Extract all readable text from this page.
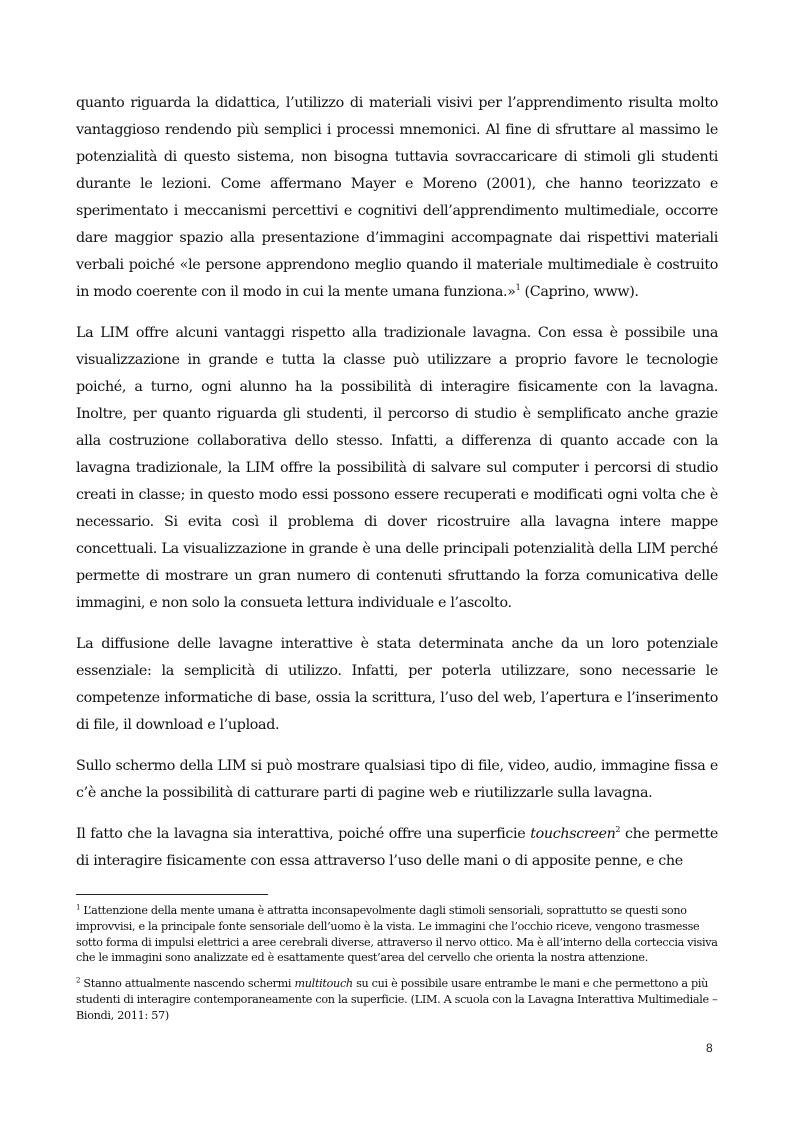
quanto riguarda la didattica, l’utilizzo di materiali visivi per l’apprendimento risulta molto vantaggioso rendendo più semplici i processi mnemonici. Al fine di sfruttare al massimo le potenzialità di questo sistema, non bisogna tuttavia sovraccaricare di stimoli gli studenti durante le lezioni. Come affermano Mayer e Moreno (2001), che hanno teorizzato e sperimentato i meccanismi percettivi e cognitivi dell’apprendimento multimediale, occorre dare maggior spazio alla presentazione d’immagini accompagnate dai rispettivi materiali verbali poiché «le persone apprendono meglio quando il materiale multimediale è costruito in modo coerente con il modo in cui la mente umana funziona.»$^1$ (Caprino, www).

La LIM offre alcuni vantaggi rispetto alla tradizionale lavagna. Con essa è possibile una visualizzazione in grande e tutta la classe può utilizzare a proprio favore le tecnologie poiché, a turno, ogni alunno ha la possibilità di interagire fisicamente con la lavagna. Inoltre, per quanto riguarda gli studenti, il percorso di studio è semplificato anche grazie alla costruzione collaborativa dello stesso. Infatti, a differenza di quanto accade con la lavagna tradizionale, la LIM offre la possibilità di salvare sul computer i percorsi di studio creati in classe; in questo modo essi possono essere recuperati e modificati ogni volta che è necessario. Si evita così il problema di dover ricostruire alla lavagna intere mappe concettuali. La visualizzazione in grande è una delle principali potenzialità della LIM perché permette di mostrare un gran numero di contenuti sfruttando la forza comunicativa delle immagini, e non solo la consueta lettura individuale e l’ascolto.

La diffusione delle lavagne interattive è stata determinata anche da un loro potenziale essenziale: la semplicità di utilizzo. Infatti, per poterla utilizzare, sono necessarie le competenze informatiche di base, ossia la scrittura, l’uso del web, l’apertura e l’inserimento di file, il download e l’upload.

Sullo schermo della LIM si può mostrare qualsiasi tipo di file, video, audio, immagine fissa e c’è anche la possibilità di catturare parti di pagine web e riutilizzarle sulla lavagna.

Il fatto che la lavagna sia interattiva, poiché offre una superficie touchscreen$^2$ che permette di interagire fisicamente con essa attraverso l’uso delle mani o di apposite penne, e che

$^1$ L’attenzione della mente umana è attratta inconsapevolmente dagli stimoli sensoriali, soprattutto se questi sono improvvisi, e la principale fonte sensoriale dell’uomo è la vista. Le immagini che l’occhio riceve, vengono trasmesse sotto forma di impulsi elettrici a aree cerebrali diverse, attraverso il nervo ottico. Ma è all’interno della corteccia visiva che le immagini sono analizzate ed è esattamente quest’area del cervello che orienta la nostra attenzione.

$^2$ Stanno attualmente nascendo schermi multitouch su cui è possibile usare entrambe le mani e che permettono a più studenti di interagire contemporaneamente con la superficie. (LIM. A scuola con la Lavagna Interattiva Multimediale –Biondi, 2011: 57)

8
